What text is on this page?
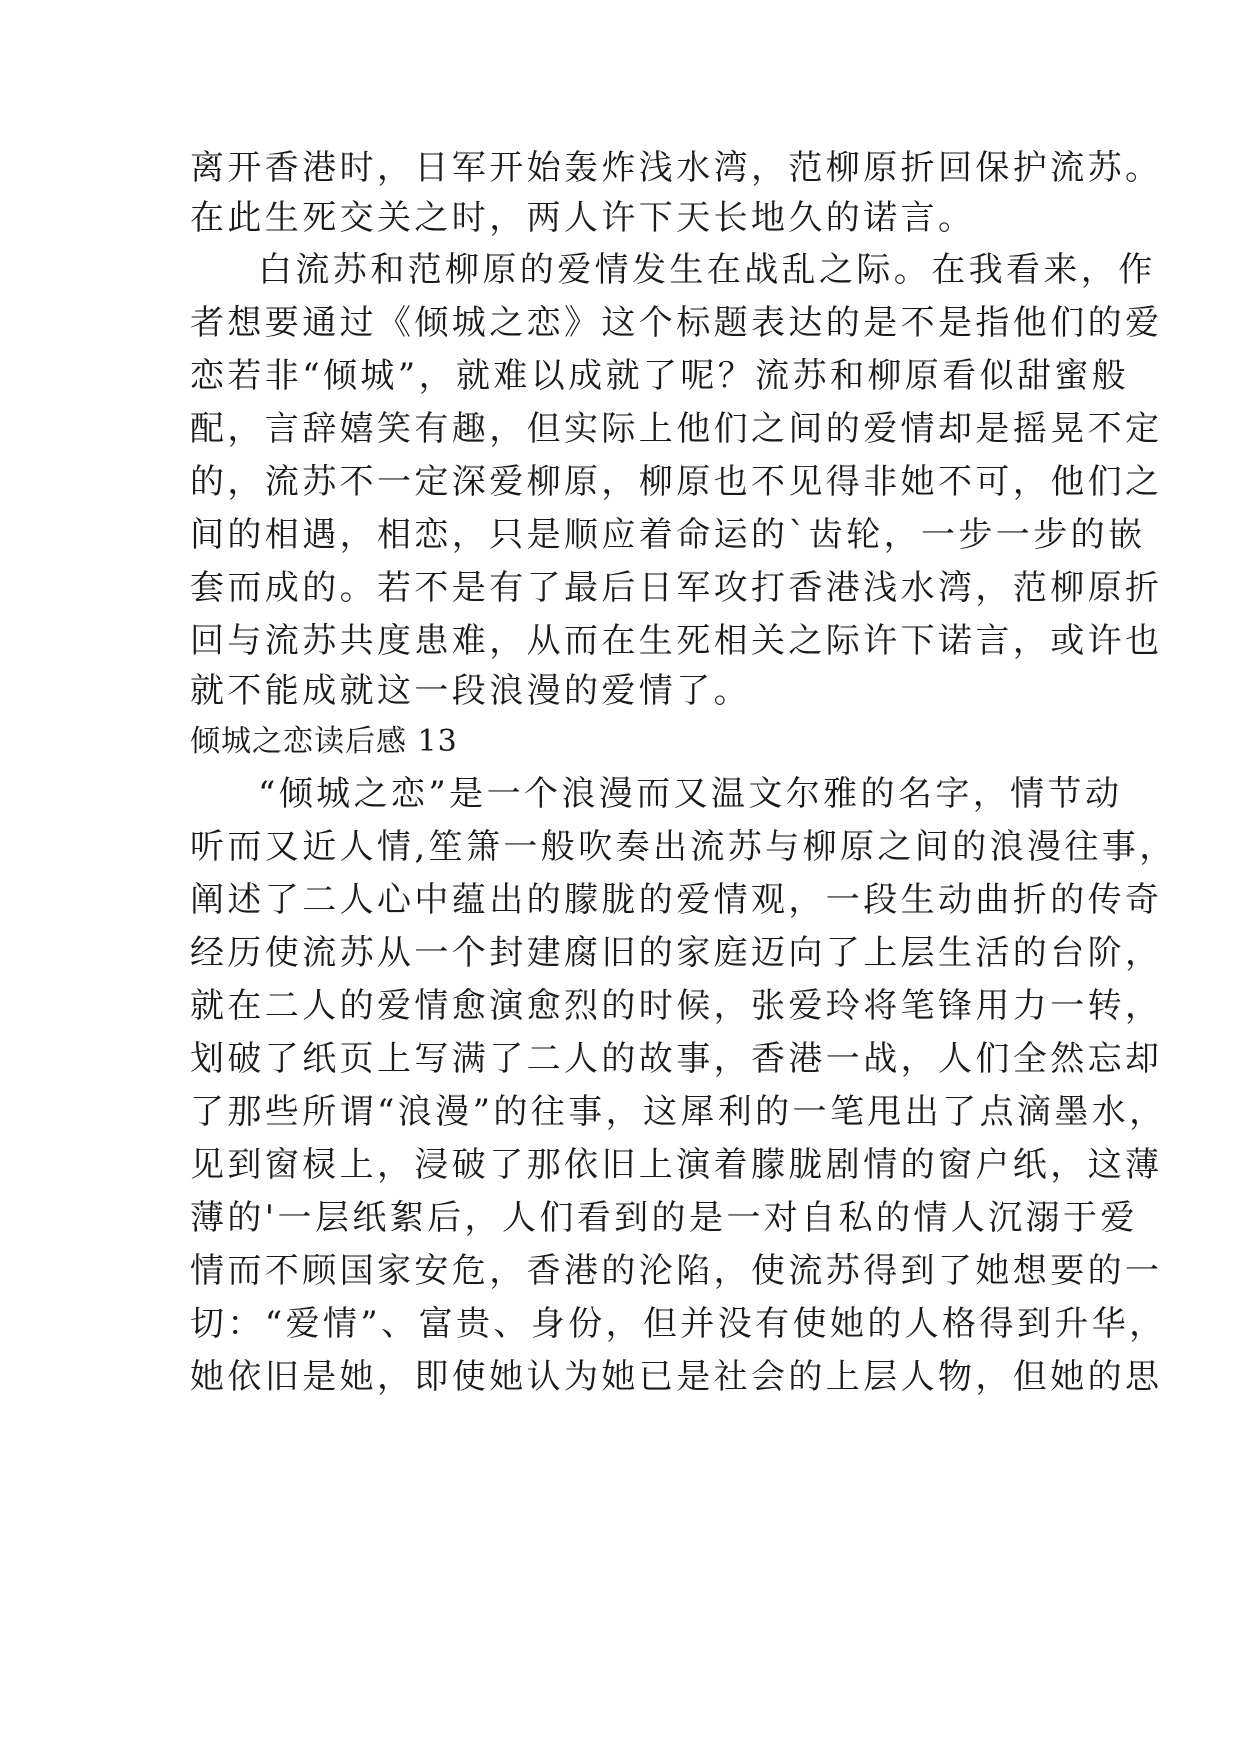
离开香港时，日军开始轰炸浅水湾，范柳原折回保护流苏。
在此生死交关之时，两人许下天长地久的诺言。
白流苏和范柳原的爱情发生在战乱之际。在我看来，作
者想要通过《倾城之恋》这个标题表达的是不是指他们的爱
恋若非“倾城”，就难以成就了呢？流苏和柳原看似甜蜜般
配，言辞嬉笑有趣，但实际上他们之间的爱情却是摇晃不定
的，流苏不一定深爱柳原，柳原也不见得非她不可，他们之
间的相遇，相恋，只是顺应着命运的`齿轮，一步一步的嵌
套而成的。若不是有了最后日军攻打香港浅水湾，范柳原折
回与流苏共度患难，从而在生死相关之际许下诺言，或许也
就不能成就这一段浪漫的爱情了。
倾城之恋读后感 13
“倾城之恋”是一个浪漫而又温文尔雅的名字，情节动
听而又近人情,笙箫一般吹奏出流苏与柳原之间的浪漫往事，
阐述了二人心中蕴出的朦胧的爱情观，一段生动曲折的传奇
经历使流苏从一个封建腐旧的家庭迈向了上层生活的台阶，
就在二人的爱情愈演愈烈的时候，张爱玲将笔锋用力一转，
划破了纸页上写满了二人的故事，香港一战，人们全然忘却
了那些所谓“浪漫”的往事，这犀利的一笔甩出了点滴墨水，
见到窗棂上，浸破了那依旧上演着朦胧剧情的窗户纸，这薄
薄的'一层纸絮后，人们看到的是一对自私的情人沉溺于爱
情而不顾国家安危，香港的沦陷，使流苏得到了她想要的一
切：“爱情”、富贵、身份，但并没有使她的人格得到升华，
她依旧是她，即使她认为她已是社会的上层人物，但她的思
